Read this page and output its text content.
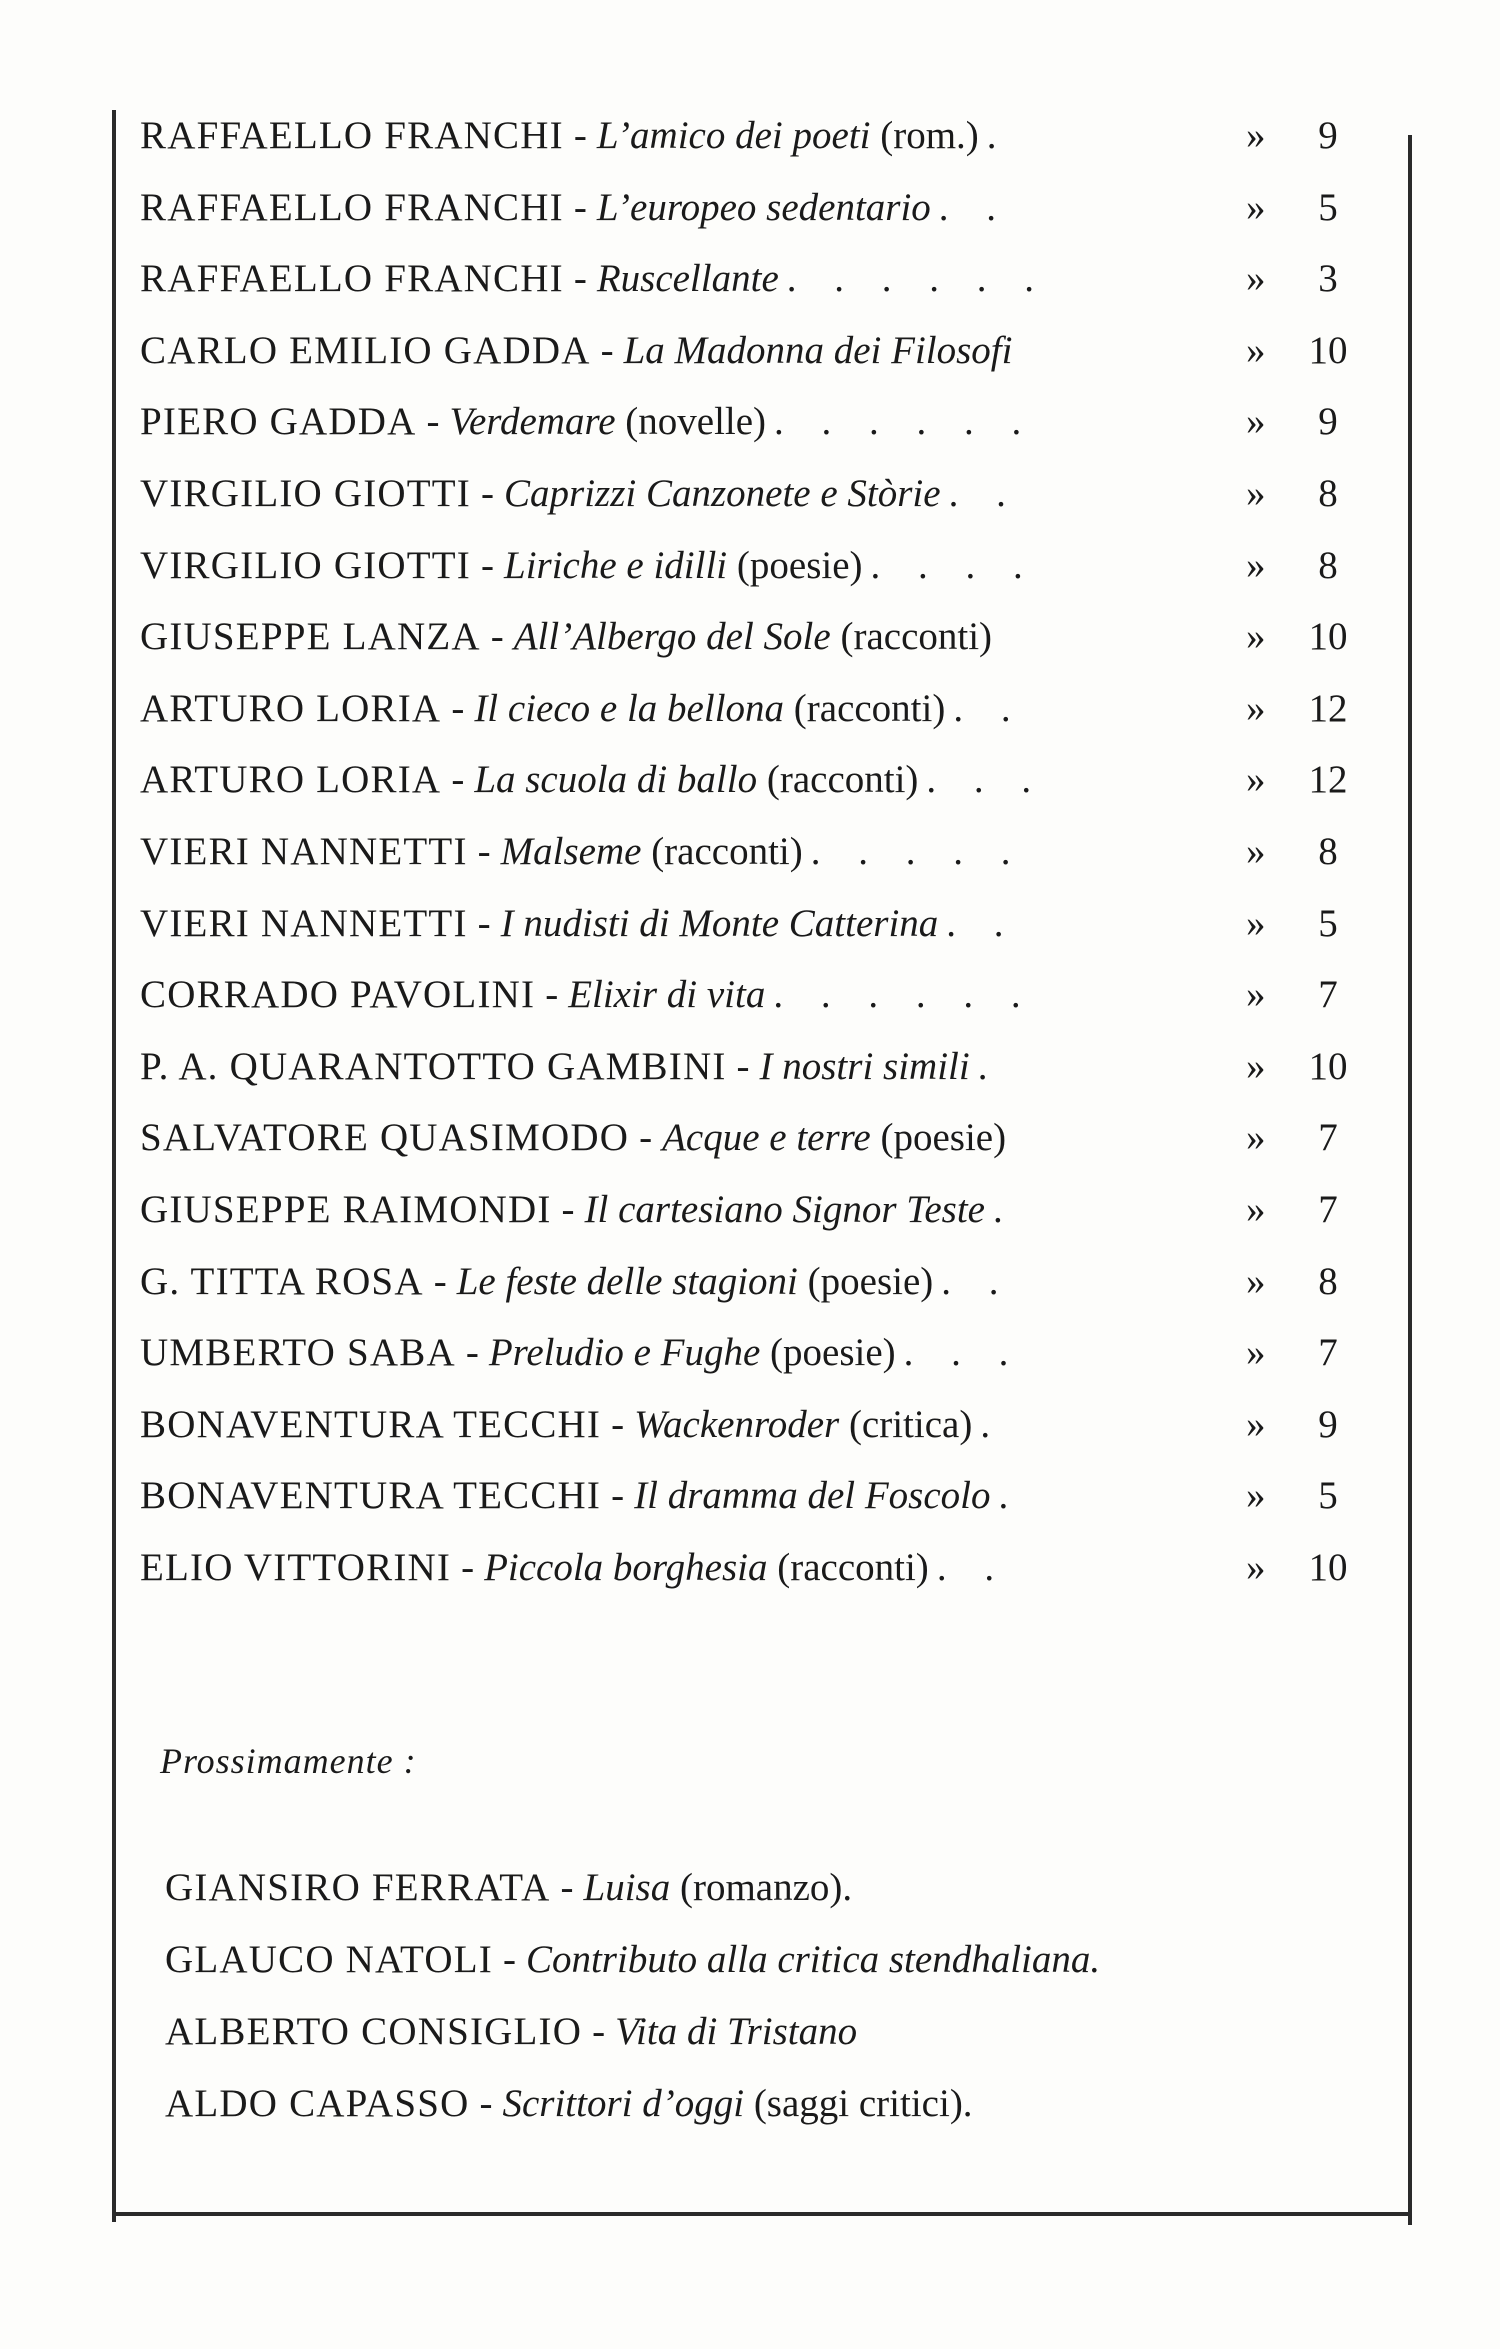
RAFFAELLO FRANCHI - L’amico dei poeti (rom.) .	»	9
RAFFAELLO FRANCHI - L’europeo sedentario . .	»	5
RAFFAELLO FRANCHI - Ruscellante . . . . . .	»	3
CARLO EMILIO GADDA - La Madonna dei Filosofi	» 10
PIERO GADDA - Verdemare (novelle) . . . . . .	»	9
VIRGILIO GIOTTI - Caprizzi Canzonete e Stòrie . .	»	8
VIRGILIO GIOTTI - Liriche e idilli (poesie) . . . .	»	8
GIUSEPPE LANZA - All’Albergo del Sole (racconti)	» 10
ARTURO LORIA - Il cieco e la bellona (racconti) . .	» 12
ARTURO LORIA - La scuola di ballo (racconti) . . .	» 12
VIERI NANNETTI - Malseme (racconti) . . . . .	»	8
VIERI NANNETTI - I nudisti di Monte Catterina . .	»	5
CORRADO PAVOLINI - Elixir di vita . . . . . .	»	7
P. A. QUARANTOTTO GAMBINI - I nostri simili .	» 10
SALVATORE QUASIMODO - Acque e terre (poesie)	»	7
GIUSEPPE RAIMONDI - Il cartesiano Signor Teste .	»	7
G. TITTA ROSA - Le feste delle stagioni (poesie) . .	»	8
UMBERTO SABA - Preludio e Fughe (poesie) . . .	»	7
BONAVENTURA TECCHI - Wackenroder (critica) .	»	9
BONAVENTURA TECCHI - Il dramma del Foscolo .	»	5
ELIO VITTORINI - Piccola borghesia (racconti) . .	» 10
Prossimamente :
GIANSIRO FERRATA - Luisa (romanzo).
GLAUCO NATOLI - Contributo alla critica stendhaliana.
ALBERTO CONSIGLIO - Vita di Tristano
ALDO CAPASSO - Scrittori d’oggi (saggi critici).
